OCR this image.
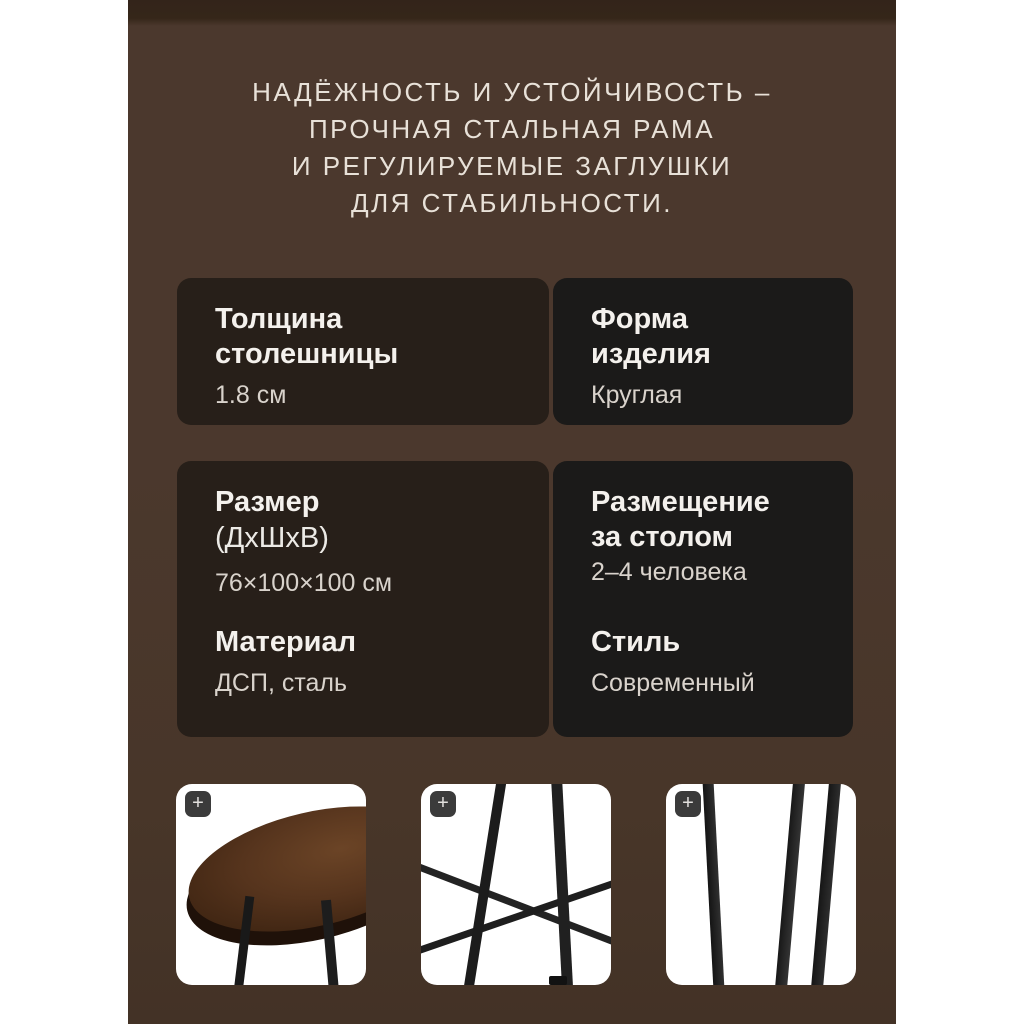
НАДЁЖНОСТЬ И УСТОЙЧИВОСТЬ –
ПРОЧНАЯ СТАЛЬНАЯ РАМА
И РЕГУЛИРУЕМЫЕ ЗАГЛУШКИ
ДЛЯ СТАБИЛЬНОСТИ.
Толщина
столешницы
1.8 см
Форма
изделия
Круглая
Размер
(ДхШхВ)
76×100×100 см
Материал
ДСП, сталь
Размещение
за столом
2–4 человека
Стиль
Современный
+	+	+
